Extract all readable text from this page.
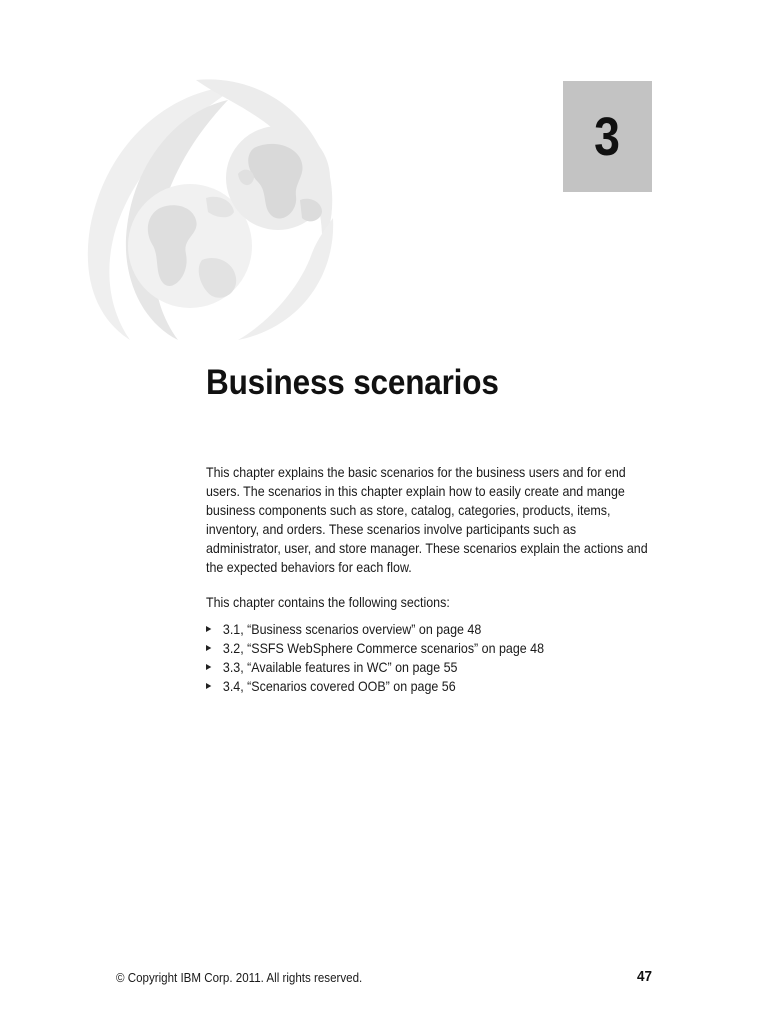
3
Business scenarios

This chapter explains the basic scenarios for the business users and for end
users. The scenarios in this chapter explain how to easily create and mange
business components such as store, catalog, categories, products, items,
inventory, and orders. These scenarios involve participants such as
administrator, user, and store manager. These scenarios explain the actions and
the expected behaviors for each flow.

This chapter contains the following sections:

3.1, “Business scenarios overview” on page 48
3.2, “SSFS WebSphere Commerce scenarios” on page 48
3.3, “Available features in WC” on page 55
3.4, “Scenarios covered OOB” on page 56
© Copyright IBM Corp. 2011. All rights reserved.	47
